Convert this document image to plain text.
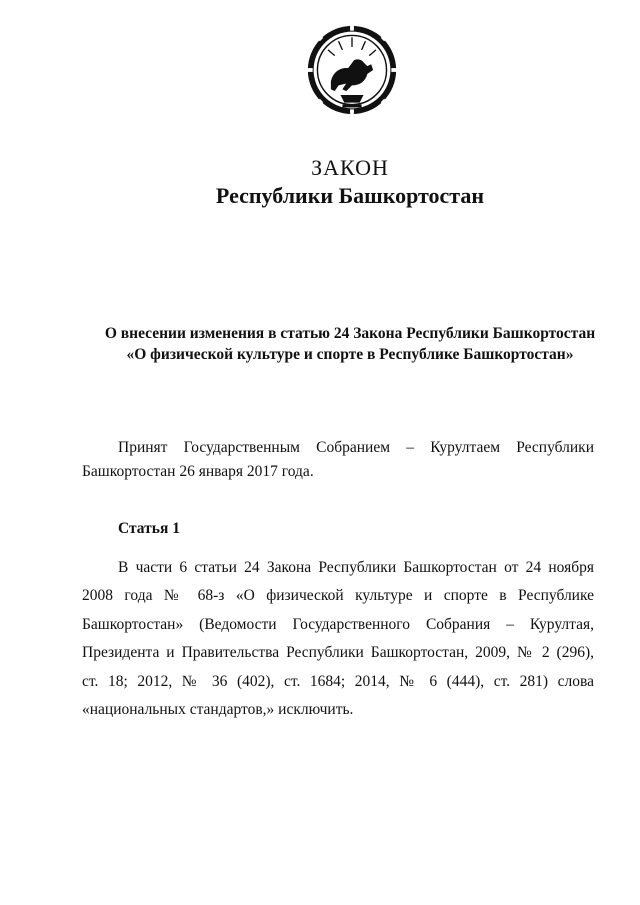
ЗАКОН
Республики Башкортостан
О внесении изменения в статью 24 Закона Республики Башкортостан
«О физической культуре и спорте в Республике Башкортостан»
Принят Государственным Собранием – Курултаем Республики
Башкортостан 26 января 2017 года.
Статья 1
В части 6 статьи 24 Закона Республики Башкортостан от 24 ноября
2008 года № 68-з «О физической культуре и спорте в Республике
Башкортостан» (Ведомости Государственного Собрания – Курултая,
Президента и Правительства Республики Башкортостан, 2009, № 2 (296),
ст. 18; 2012, № 36 (402), ст. 1684; 2014, № 6 (444), ст. 281) слова
«национальных стандартов,» исключить.
